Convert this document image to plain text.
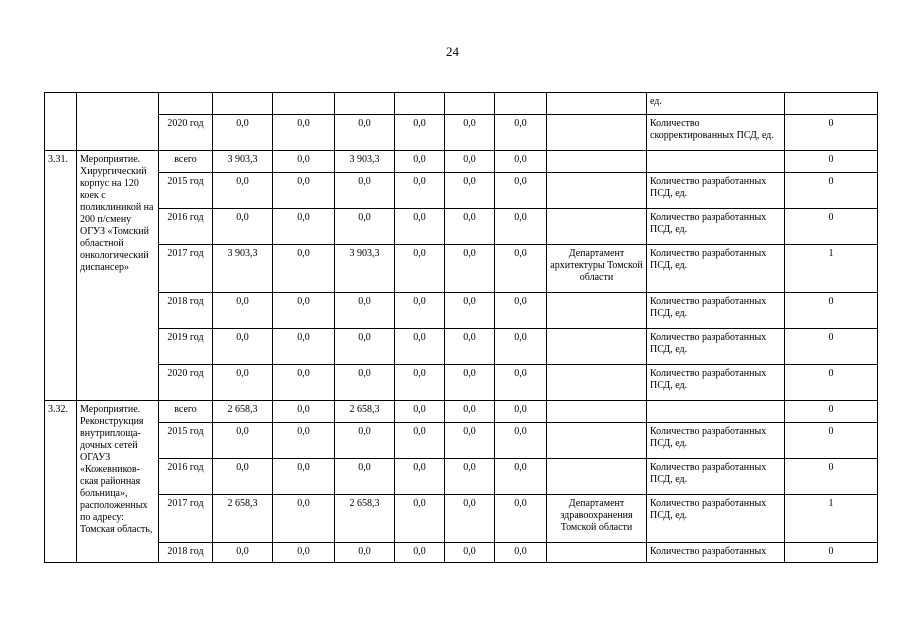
24
										ед.	
		2020 год	0,0	0,0	0,0	0,0	0,0	0,0		Количество скорректированных ПСД, ед.	0
3.31.	Мероприятие. Хирургический корпус на 120 коек с поликлиникой на 200 п/смену ОГУЗ «Томский областной онкологический диспансер»	всего	3 903,3	0,0	3 903,3	0,0	0,0	0,0			0
		2015 год	0,0	0,0	0,0	0,0	0,0	0,0		Количество разработанных ПСД, ед.	0
		2016 год	0,0	0,0	0,0	0,0	0,0	0,0		Количество разработанных ПСД, ед.	0
		2017 год	3 903,3	0,0	3 903,3	0,0	0,0	0,0	Департамент архитектуры Томской области	Количество разработанных ПСД, ед.	1
		2018 год	0,0	0,0	0,0	0,0	0,0	0,0		Количество разработанных ПСД, ед.	0
		2019 год	0,0	0,0	0,0	0,0	0,0	0,0		Количество разработанных ПСД, ед.	0
		2020 год	0,0	0,0	0,0	0,0	0,0	0,0		Количество разработанных ПСД, ед.	0
3.32.	Мероприятие. Реконструкция внутриплоща-дочных сетей ОГАУЗ «Кожевников-ская районная больница», расположенных по адресу: Томская область,	всего	2 658,3	0,0	2 658,3	0,0	0,0	0,0			0
		2015 год	0,0	0,0	0,0	0,0	0,0	0,0		Количество разработанных ПСД, ед.	0
		2016 год	0,0	0,0	0,0	0,0	0,0	0,0		Количество разработанных ПСД, ед.	0
		2017 год	2 658,3	0,0	2 658,3	0,0	0,0	0,0	Департамент здравоохранения Томской области	Количество разработанных ПСД, ед.	1
		2018 год	0,0	0,0	0,0	0,0	0,0	0,0		Количество разработанных	0
